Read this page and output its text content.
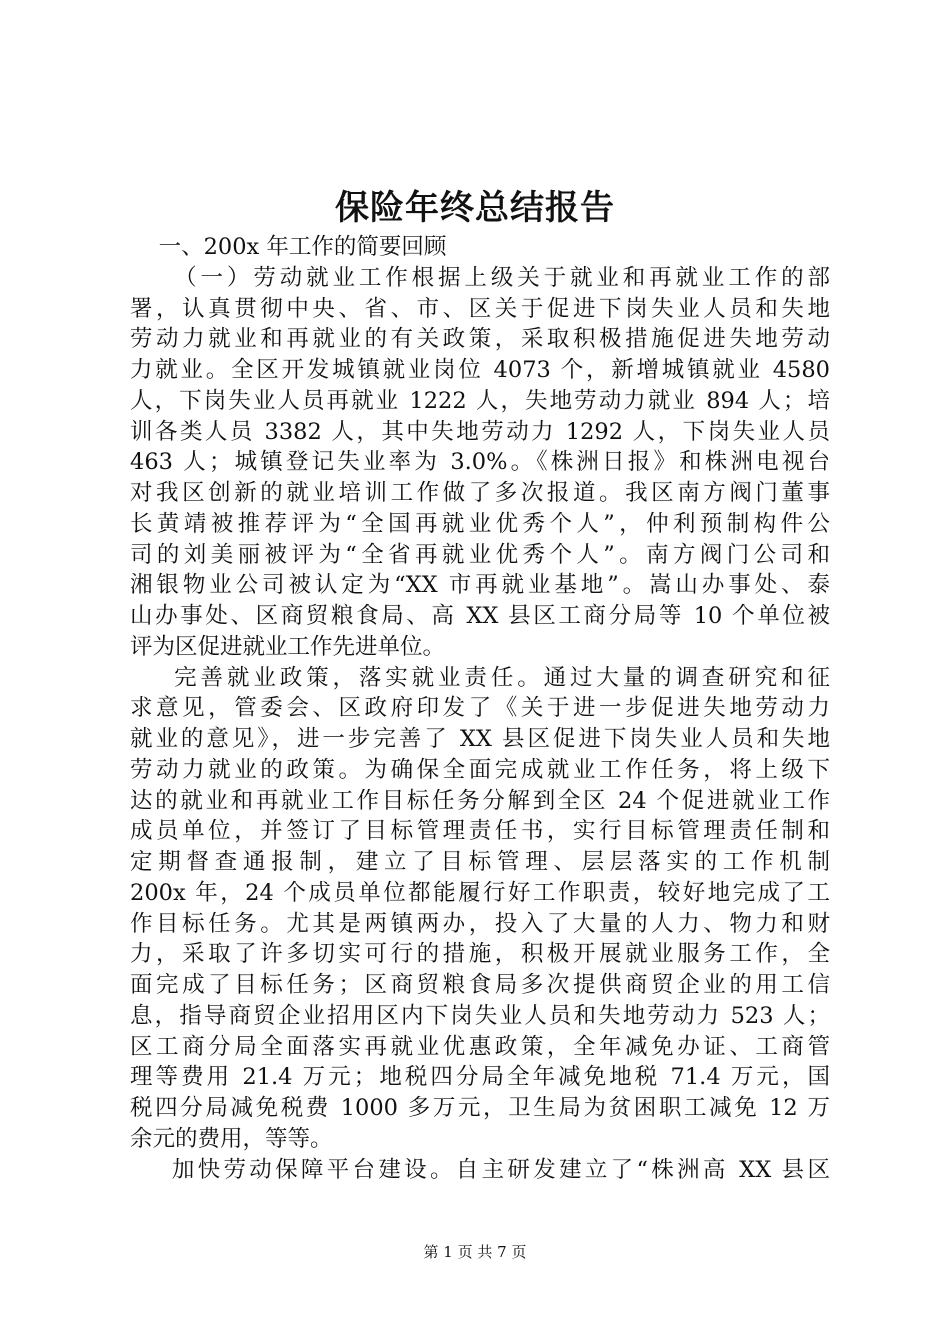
保险年终总结报告
一、200x 年工作的简要回顾
（一）劳动就业工作根据上级关于就业和再就业工作的部
署，认真贯彻中央、省、市、区关于促进下岗失业人员和失地
劳动力就业和再就业的有关政策，采取积极措施促进失地劳动
力就业。全区开发城镇就业岗位 4073 个，新增城镇就业 4580
人，下岗失业人员再就业 1222 人，失地劳动力就业 894 人；培
训各类人员 3382 人，其中失地劳动力 1292 人，下岗失业人员
463 人；城镇登记失业率为 3.0%。《株洲日报》和株洲电视台
对我区创新的就业培训工作做了多次报道。我区南方阀门董事
长黄靖被推荐评为“全国再就业优秀个人”，仲利预制构件公
司的刘美丽被评为“全省再就业优秀个人”。南方阀门公司和
湘银物业公司被认定为“XX 市再就业基地”。嵩山办事处、泰
山办事处、区商贸粮食局、高 XX 县区工商分局等 10 个单位被
评为区促进就业工作先进单位。
完善就业政策，落实就业责任。通过大量的调查研究和征
求意见，管委会、区政府印发了《关于进一步促进失地劳动力
就业的意见》，进一步完善了 XX 县区促进下岗失业人员和失地
劳动力就业的政策。为确保全面完成就业工作任务，将上级下
达的就业和再就业工作目标任务分解到全区 24 个促进就业工作
成员单位，并签订了目标管理责任书，实行目标管理责任制和
定期督查通报制，建立了目标管理、层层落实的工作机制
200x 年，24 个成员单位都能履行好工作职责，较好地完成了工
作目标任务。尤其是两镇两办，投入了大量的人力、物力和财
力，采取了许多切实可行的措施，积极开展就业服务工作，全
面完成了目标任务；区商贸粮食局多次提供商贸企业的用工信
息，指导商贸企业招用区内下岗失业人员和失地劳动力 523 人；
区工商分局全面落实再就业优惠政策，全年减免办证、工商管
理等费用 21.4 万元；地税四分局全年减免地税 71.4 万元，国
税四分局减免税费 1000 多万元，卫生局为贫困职工减免 12 万
余元的费用，等等。
加快劳动保障平台建设。自主研发建立了“株洲高 XX 县区
第 1 页 共 7 页
